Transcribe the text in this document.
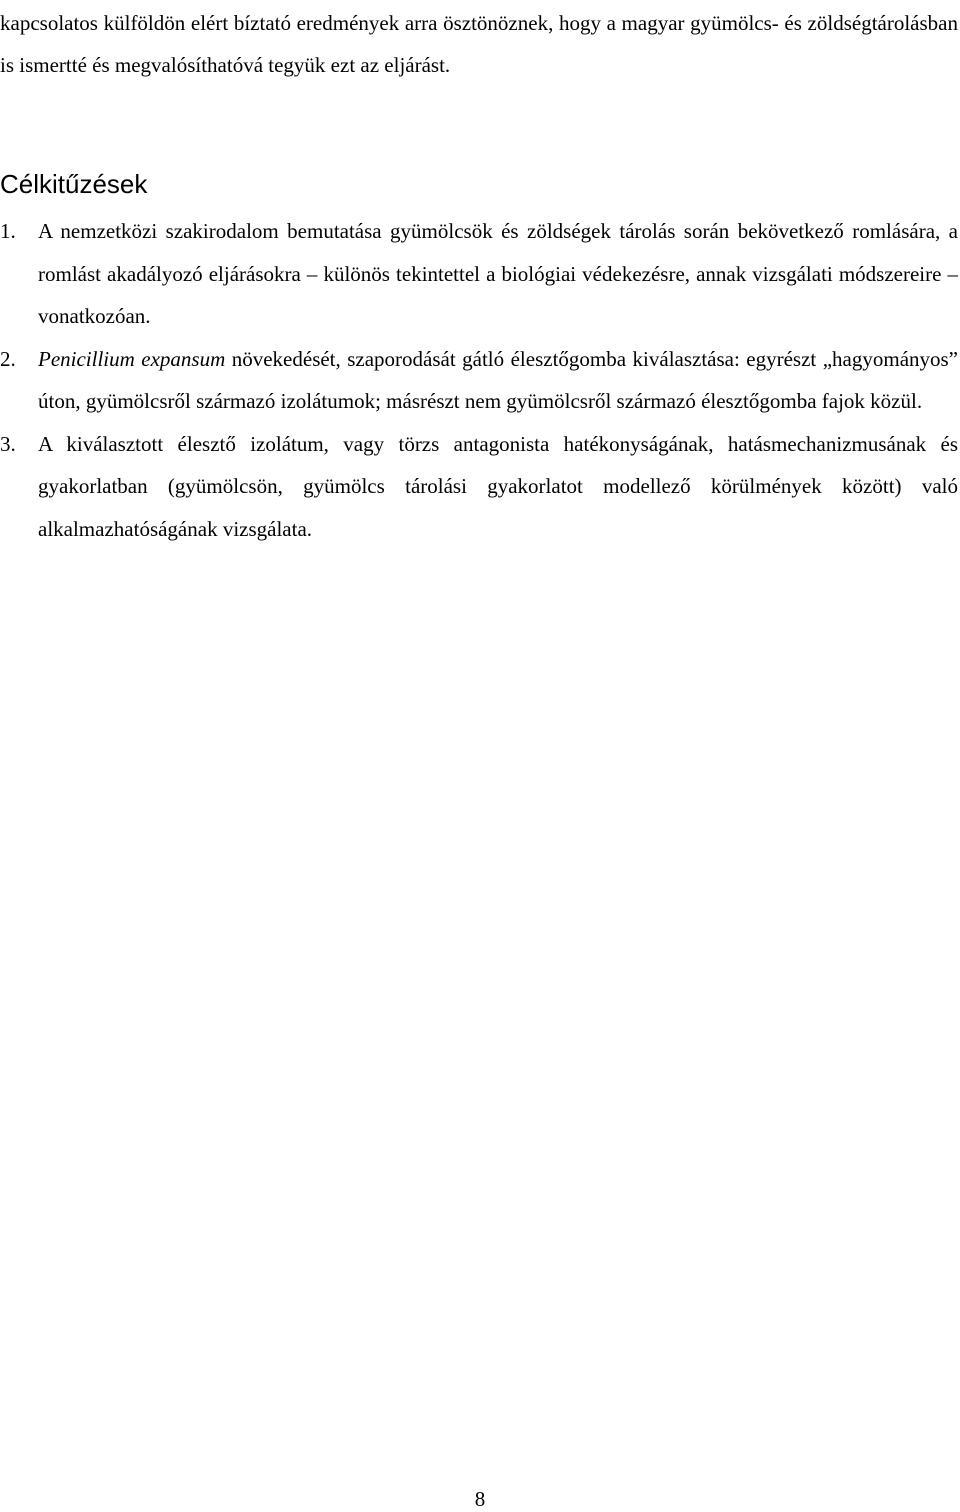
kapcsolatos külföldön elért bíztató eredmények arra ösztönöznek, hogy a magyar gyümölcs- és zöldségtárolásban is ismertté és megvalósíthatóvá tegyük ezt az eljárást.

Célkitűzések
1. A nemzetközi szakirodalom bemutatása gyümölcsök és zöldségek tárolás során bekövetkező romlására, a romlást akadályozó eljárásokra – különös tekintettel a biológiai védekezésre, annak vizsgálati módszereire – vonatkozóan.
2. Penicillium expansum növekedését, szaporodását gátló élesztőgomba kiválasztása: egyrészt „hagyományos” úton, gyümölcsről származó izolátumok; másrészt nem gyümölcsről származó élesztőgomba fajok közül.
3. A kiválasztott élesztő izolátum, vagy törzs antagonista hatékonyságának, hatásmechanizmusának és gyakorlatban (gyümölcsön, gyümölcs tárolási gyakorlatot modellező körülmények között) való alkalmazhatóságának vizsgálata.
8
